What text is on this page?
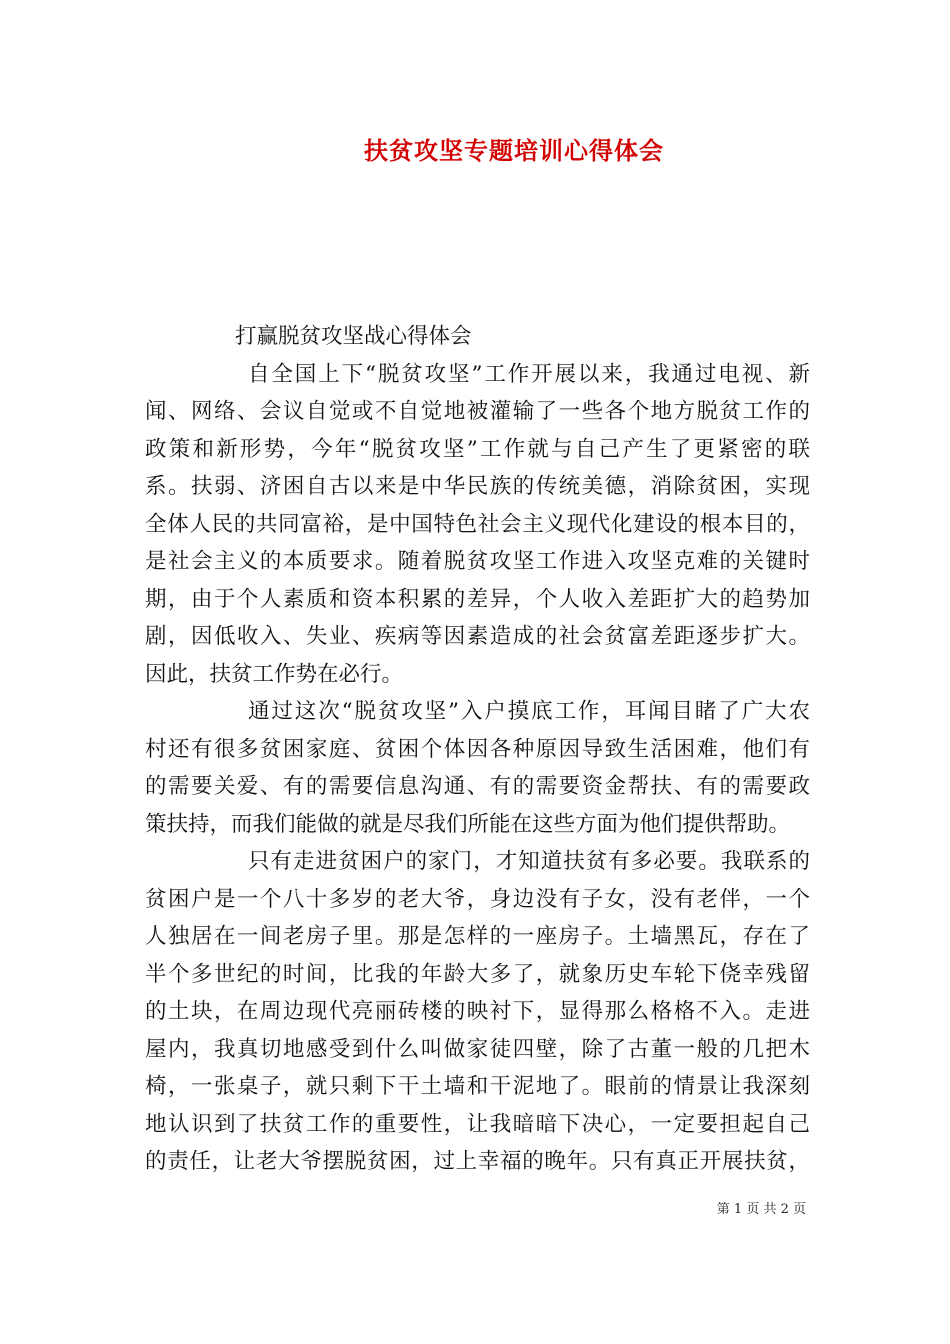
扶贫攻坚专题培训心得体会
打赢脱贫攻坚战心得体会
自全国上下“脱贫攻坚”工作开展以来，我通过电视、新
闻、网络、会议自觉或不自觉地被灌输了一些各个地方脱贫工作的
政策和新形势，今年“脱贫攻坚”工作就与自己产生了更紧密的联
系。扶弱、济困自古以来是中华民族的传统美德，消除贫困，实现
全体人民的共同富裕，是中国特色社会主义现代化建设的根本目的，
是社会主义的本质要求。随着脱贫攻坚工作进入攻坚克难的关键时
期，由于个人素质和资本积累的差异，个人收入差距扩大的趋势加
剧，因低收入、失业、疾病等因素造成的社会贫富差距逐步扩大。
因此，扶贫工作势在必行。
通过这次“脱贫攻坚”入户摸底工作，耳闻目睹了广大农
村还有很多贫困家庭、贫困个体因各种原因导致生活困难，他们有
的需要关爱、有的需要信息沟通、有的需要资金帮扶、有的需要政
策扶持，而我们能做的就是尽我们所能在这些方面为他们提供帮助。
只有走进贫困户的家门，才知道扶贫有多必要。我联系的
贫困户是一个八十多岁的老大爷，身边没有子女，没有老伴，一个
人独居在一间老房子里。那是怎样的一座房子。土墙黑瓦，存在了
半个多世纪的时间，比我的年龄大多了，就象历史车轮下侥幸残留
的土块，在周边现代亮丽砖楼的映衬下，显得那么格格不入。走进
屋内，我真切地感受到什么叫做家徒四壁，除了古董一般的几把木
椅，一张桌子，就只剩下干土墙和干泥地了。眼前的情景让我深刻
地认识到了扶贫工作的重要性，让我暗暗下决心，一定要担起自己
的责任，让老大爷摆脱贫困，过上幸福的晚年。只有真正开展扶贫，
第 1 页 共 2 页
